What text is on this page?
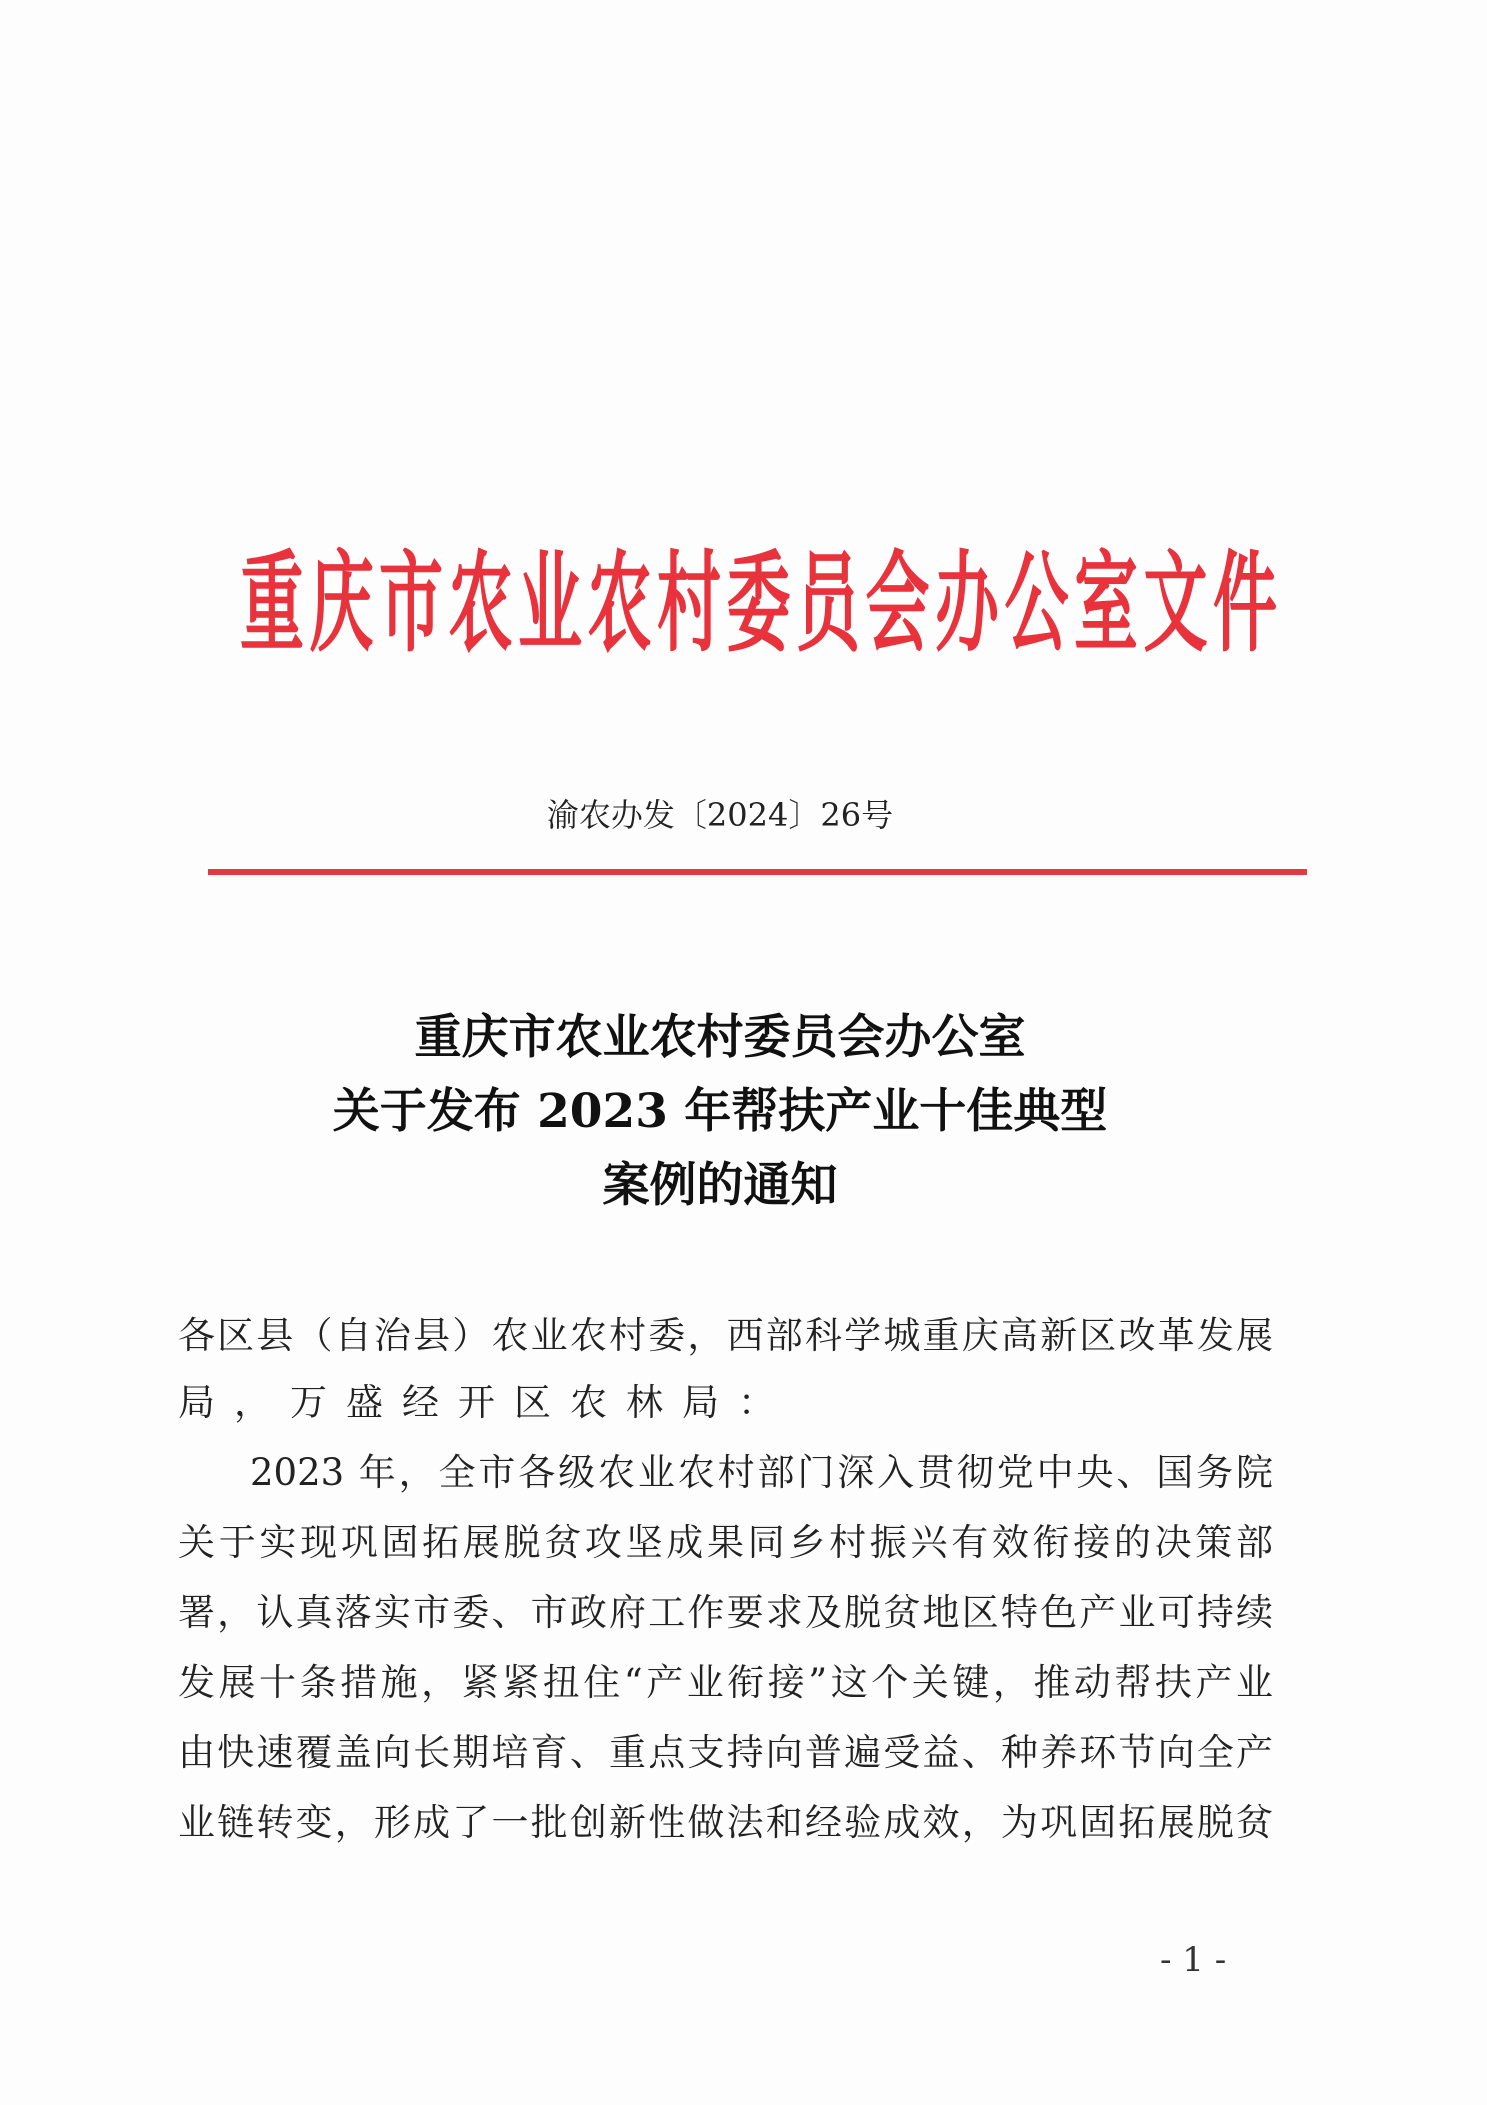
重 庆 市 农 业 农 村 委 员 会 办 公 室 文 件
渝农办发〔2024〕26号
重庆市农业农村委员会办公室
关于发布 2023 年帮扶产业十佳典型
案例的通知
各区县（自治县）农业农村委，西部科学城重庆高新区改革发展
局，万盛经开区农林局：
2023 年，全市各级农业农村部门深入贯彻党中央、国务院
关于实现巩固拓展脱贫攻坚成果同乡村振兴有效衔接的决策部
署，认真落实市委、市政府工作要求及脱贫地区特色产业可持续
发展十条措施，紧紧扭住“产业衔接”这个关键，推动帮扶产业
由快速覆盖向长期培育、重点支持向普遍受益、种养环节向全产
业链转变，形成了一批创新性做法和经验成效，为巩固拓展脱贫
- 1 -
